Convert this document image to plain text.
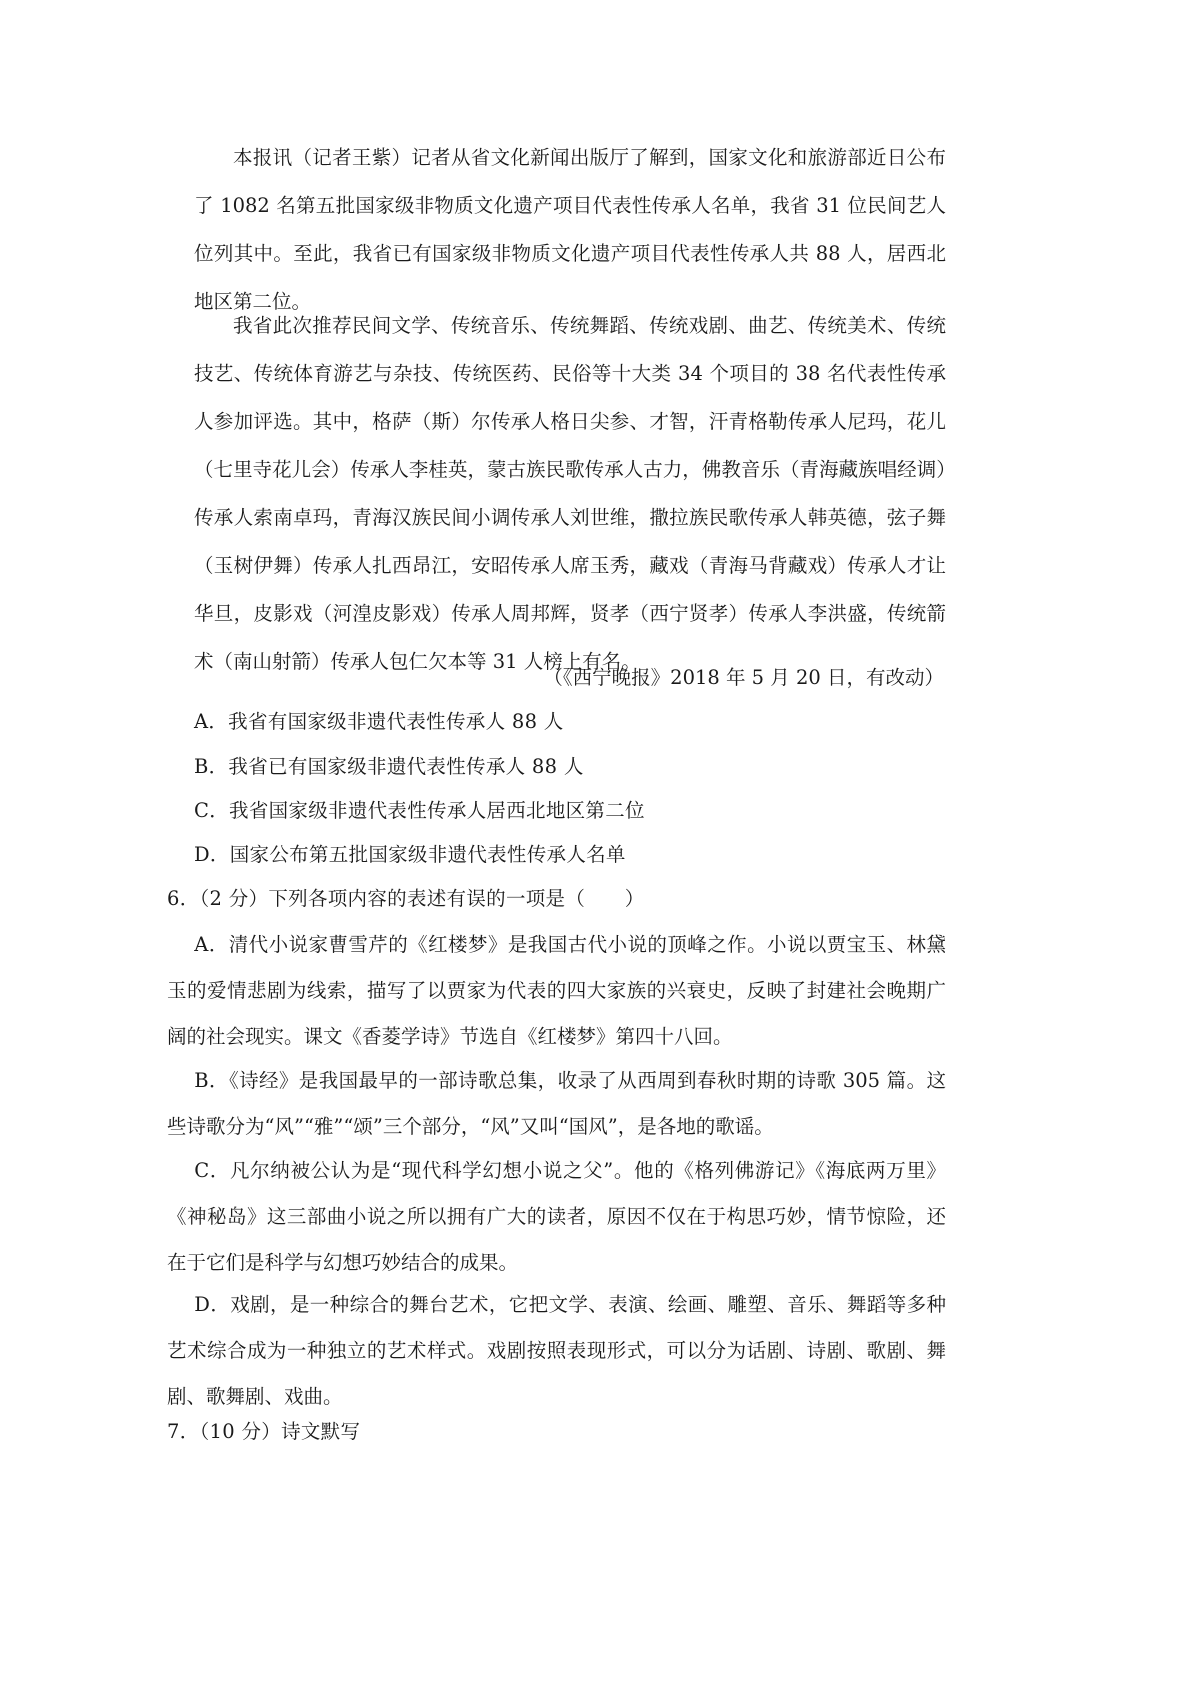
本报讯（记者王紫）记者从省文化新闻出版厅了解到，国家文化和旅游部近日公布了 1082 名第五批国家级非物质文化遗产项目代表性传承人名单，我省 31 位民间艺人位列其中。至此，我省已有国家级非物质文化遗产项目代表性传承人共 88 人，居西北地区第二位。

我省此次推荐民间文学、传统音乐、传统舞蹈、传统戏剧、曲艺、传统美术、传统技艺、传统体育游艺与杂技、传统医药、民俗等十大类 34 个项目的 38 名代表性传承人参加评选。其中，格萨（斯）尔传承人格日尖参、才智，汗青格勒传承人尼玛，花儿（七里寺花儿会）传承人李桂英，蒙古族民歌传承人古力，佛教音乐（青海藏族唱经调）传承人索南卓玛，青海汉族民间小调传承人刘世维，撒拉族民歌传承人韩英德，弦子舞（玉树伊舞）传承人扎西昂江，安昭传承人席玉秀，藏戏（青海马背藏戏）传承人才让华旦，皮影戏（河湟皮影戏）传承人周邦辉，贤孝（西宁贤孝）传承人李洪盛，传统箭术（南山射箭）传承人包仁欠本等 31 人榜上有名。

（《西宁晚报》2018 年 5 月 20 日，有改动）
A．我省有国家级非遗代表性传承人 88 人
B．我省已有国家级非遗代表性传承人 88 人
C．我省国家级非遗代表性传承人居西北地区第二位
D．国家公布第五批国家级非遗代表性传承人名单
6．（2 分）下列各项内容的表述有误的一项是（　　）

A．清代小说家曹雪芹的《红楼梦》是我国古代小说的顶峰之作。小说以贾宝玉、林黛玉的爱情悲剧为线索，描写了以贾家为代表的四大家族的兴衰史，反映了封建社会晚期广阔的社会现实。课文《香菱学诗》节选自《红楼梦》第四十八回。

B．《诗经》是我国最早的一部诗歌总集，收录了从西周到春秋时期的诗歌 305 篇。这些诗歌分为“风”“雅”“颂”三个部分，“风”又叫“国风”，是各地的歌谣。

C．凡尔纳被公认为是“现代科学幻想小说之父”。他的《格列佛游记》《海底两万里》《神秘岛》这三部曲小说之所以拥有广大的读者，原因不仅在于构思巧妙，情节惊险，还在于它们是科学与幻想巧妙结合的成果。

D．戏剧，是一种综合的舞台艺术，它把文学、表演、绘画、雕塑、音乐、舞蹈等多种艺术综合成为一种独立的艺术样式。戏剧按照表现形式，可以分为话剧、诗剧、歌剧、舞剧、歌舞剧、戏曲。

7．（10 分）诗文默写
